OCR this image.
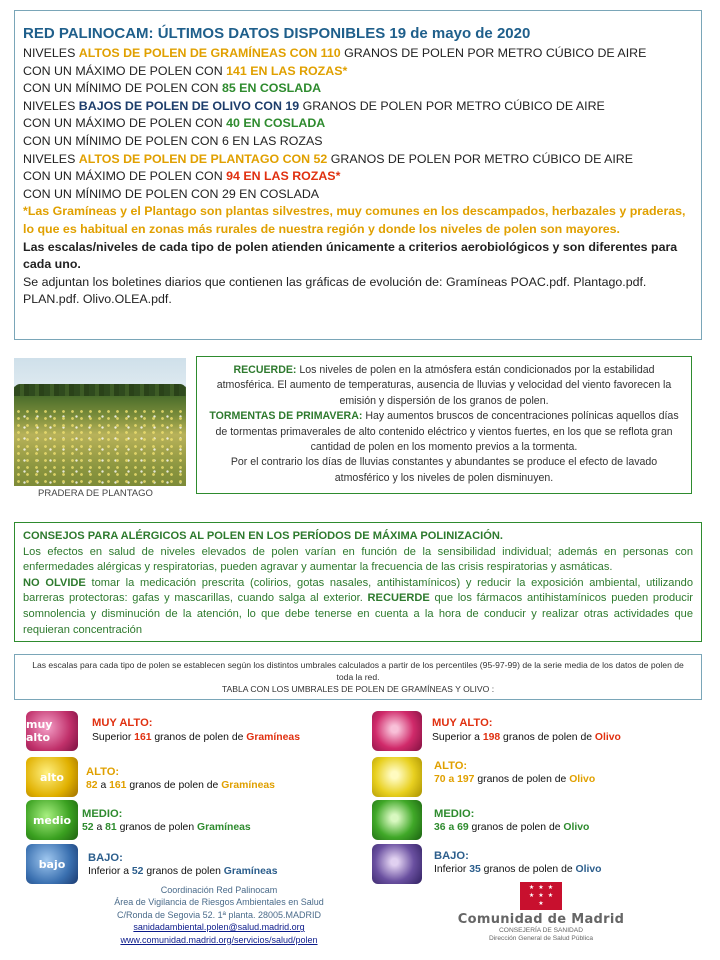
RED PALINOCAM: ÚLTIMOS DATOS DISPONIBLES 19 de mayo de 2020
NIVELES ALTOS DE POLEN DE GRAMÍNEAS CON 110 GRANOS DE POLEN POR METRO CÚBICO DE AIRE
CON UN MÁXIMO DE POLEN CON 141 EN LAS ROZAS*
CON UN MÍNIMO DE POLEN CON 85 EN COSLADA
NIVELES BAJOS DE POLEN DE OLIVO CON 19 GRANOS DE POLEN POR METRO CÚBICO DE AIRE
CON UN MÁXIMO DE POLEN CON 40 EN COSLADA
CON UN MÍNIMO DE POLEN CON 6 EN LAS ROZAS
NIVELES ALTOS DE POLEN DE PLANTAGO CON 52 GRANOS DE POLEN POR METRO CÚBICO DE AIRE
CON UN MÁXIMO DE POLEN CON 94 EN LAS ROZAS*
CON UN MÍNIMO DE POLEN CON 29 EN COSLADA
*Las Gramíneas y el Plantago son plantas silvestres, muy comunes en los descampados, herbazales y praderas, lo que es habitual en zonas más rurales de nuestra región y donde los niveles de polen son mayores.
Las escalas/niveles de cada tipo de polen atienden únicamente a criterios aerobiológicos y son diferentes para cada uno.
Se adjuntan los boletines diarios que contienen las gráficas de evolución de: Gramíneas POAC.pdf. Plantago.pdf. PLAN.pdf. Olivo.OLEA.pdf.
PRADERA DE PLANTAGO
RECUERDE: Los niveles de polen en la atmósfera están condicionados por la estabilidad atmosférica. El aumento de temperaturas, ausencia de lluvias y velocidad del viento favorecen la emisión y dispersión de los granos de polen.
TORMENTAS DE PRIMAVERA: Hay aumentos bruscos de concentraciones polínicas aquellos días de tormentas primaverales de alto contenido eléctrico y vientos fuertes, en los que se reflota gran cantidad de polen en los momento previos a la tormenta.
Por el contrario los días de lluvias constantes y abundantes se produce el efecto de lavado atmosférico y los niveles de polen disminuyen.
CONSEJOS PARA ALÉRGICOS AL POLEN EN LOS PERÍODOS DE MÁXIMA POLINIZACIÓN.
Los efectos en salud de niveles elevados de polen varían en función de la sensibilidad individual; además en personas con enfermedades alérgicas y respiratorias, pueden agravar y aumentar la frecuencia de las crisis respiratorias y asmáticas.
NO OLVIDE tomar la medicación prescrita (colirios, gotas nasales, antihistamínicos) y reducir la exposición ambiental, utilizando barreras protectoras: gafas y mascarillas, cuando salga al exterior. RECUERDE que los fármacos antihistamínicos pueden producir somnolencia y disminución de la atención, lo que debe tenerse en cuenta a la hora de conducir y realizar otras actividades que requieran concentración
Las escalas para cada tipo de polen se establecen según los distintos umbrales calculados a partir de los percentiles (95-97-99) de la serie media de los datos de polen de toda la red.
TABLA CON LOS UMBRALES DE POLEN DE GRAMÍNEAS Y OLIVO :
muy alto
MUY ALTO:
Superior 161 granos de polen de Gramíneas
alto ALTO:
82 a 161 granos de polen de Gramíneas
medio MEDIO:
52 a 81 granos de polen Gramíneas
bajo BAJO:
Inferior a 52 granos de polen Gramíneas
MUY ALTO:
Superior a 198 granos de polen de Olivo
ALTO:
70 a 197 granos de polen de Olivo
MEDIO:
36 a 69 granos de polen de Olivo
BAJO:
Inferior 35 granos de polen de Olivo
Coordinación Red Palinocam
Área de Vigilancia de Riesgos Ambientales en Salud
C/Ronda de Segovia 52. 1ª planta. 28005.MADRID
sanidadambiental.polen@salud.madrid.org
www.comunidad.madrid.org/servicios/salud/polen
★ ★ ★
★ ★ ★
★
Comunidad de Madrid
CONSEJERÍA DE SANIDAD
Dirección General de Salud Pública
